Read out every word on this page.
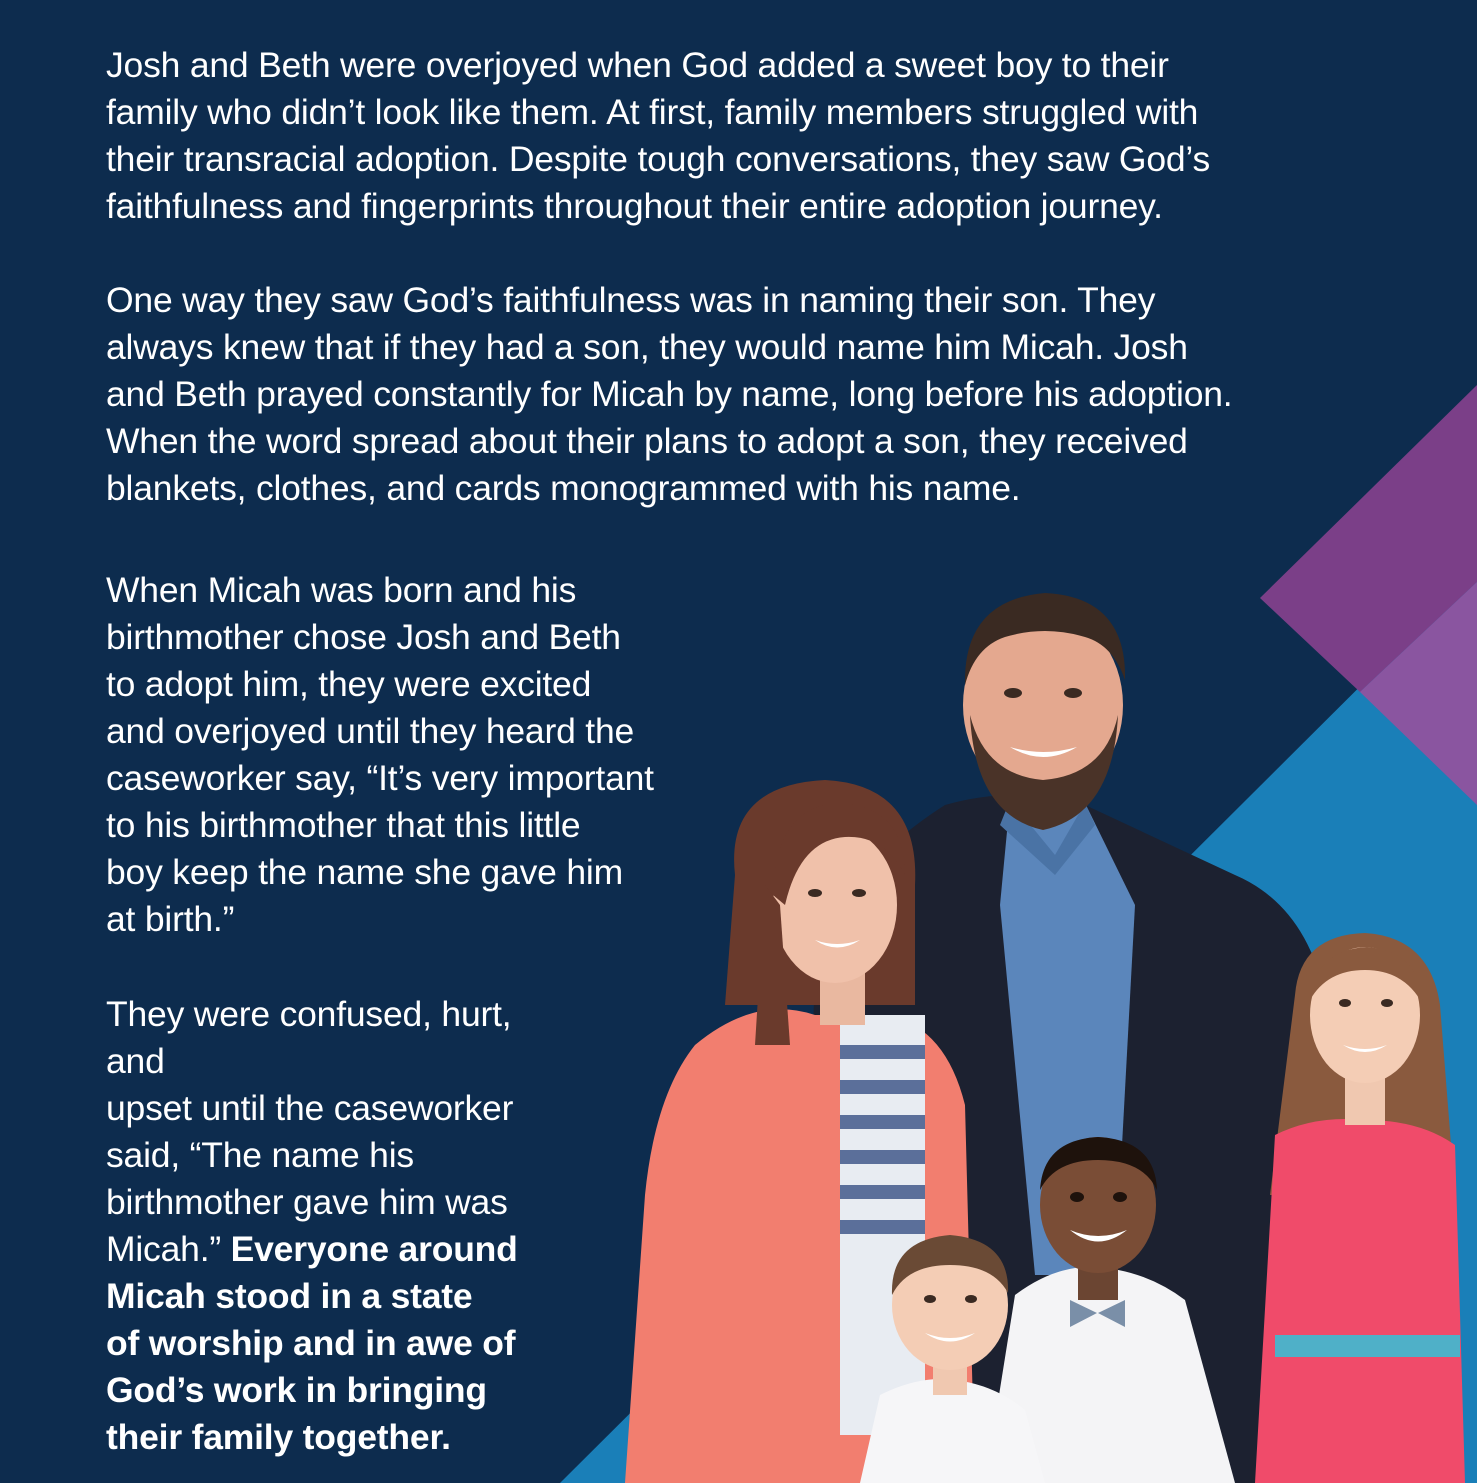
Josh and Beth were overjoyed when God added a sweet boy to their
family who didn’t look like them. At first, family members struggled with
their transracial adoption. Despite tough conversations, they saw God’s
faithfulness and fingerprints throughout their entire adoption journey.

One way they saw God’s faithfulness was in naming their son. They
always knew that if they had a son, they would name him Micah. Josh
and Beth prayed constantly for Micah by name, long before his adoption.
When the word spread about their plans to adopt a son, they received
blankets, clothes, and cards monogrammed with his name.

When Micah was born and his
birthmother chose Josh and Beth
to adopt him, they were excited
and overjoyed until they heard the
caseworker say, “It’s very important
to his birthmother that this little
boy keep the name she gave him
at birth.”

They were confused, hurt, and
upset until the caseworker
said, “The name his
birthmother gave him was
Micah.” Everyone around
Micah stood in a state
of worship and in awe of
God’s work in bringing
their family together.
